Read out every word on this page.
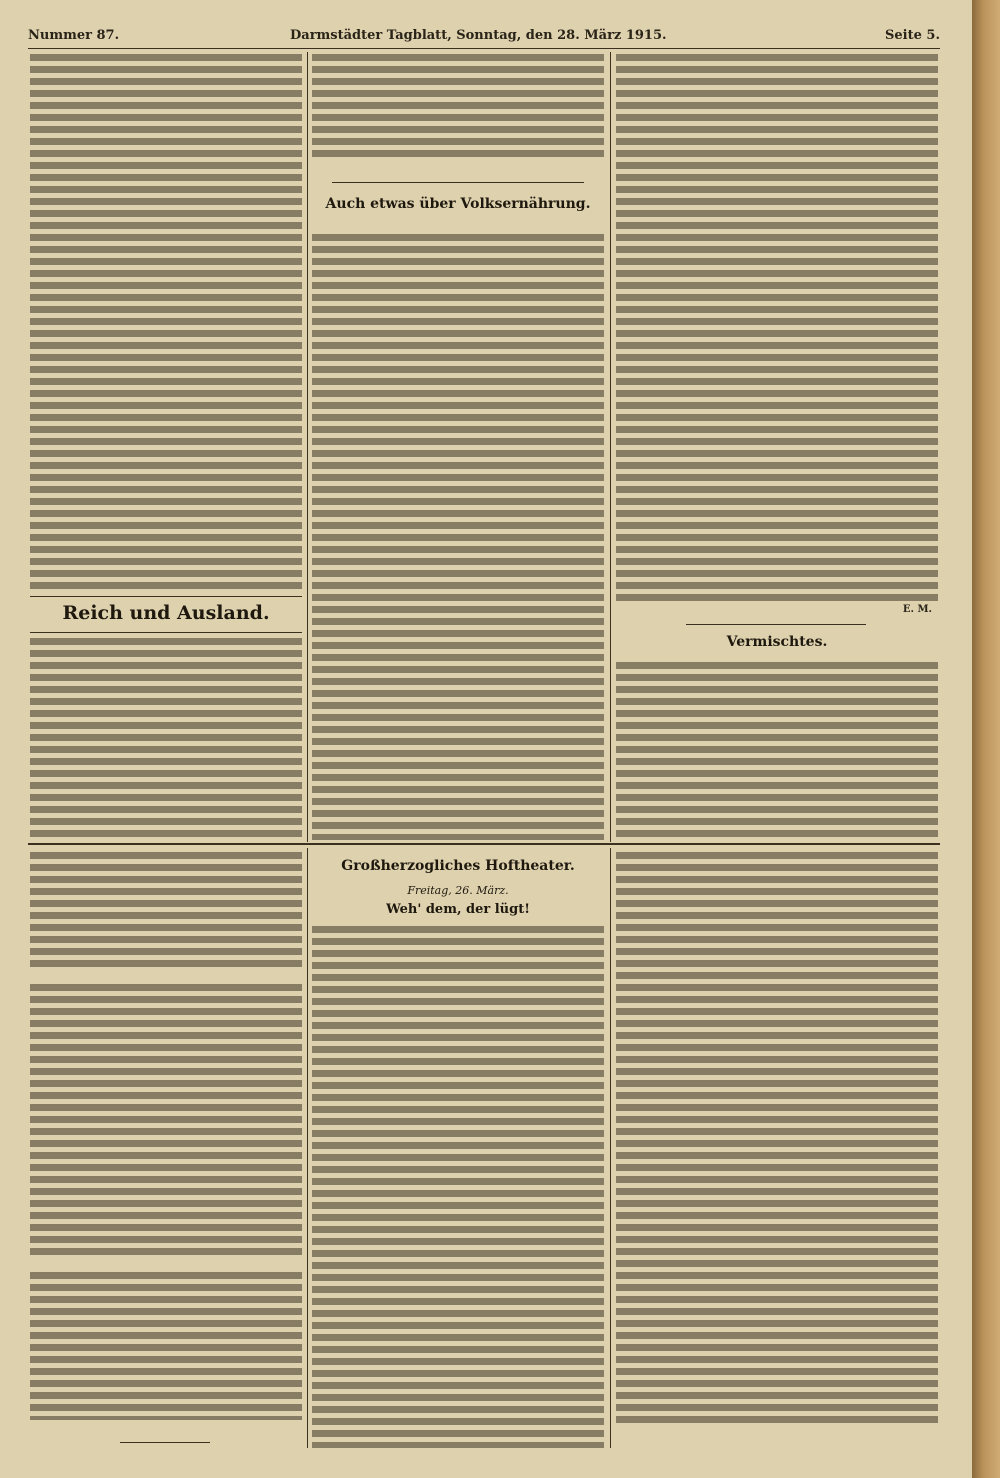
Nummer 87.	Darmstädter Tagblatt, Sonntag, den 28. März 1915.	Seite 5.
Reich und Ausland.
Auch etwas über Volksernährung.
E. M.
Vermischtes.
Großherzogliches Hoftheater.
Freitag, 26. März.
Weh' dem, der lügt!
